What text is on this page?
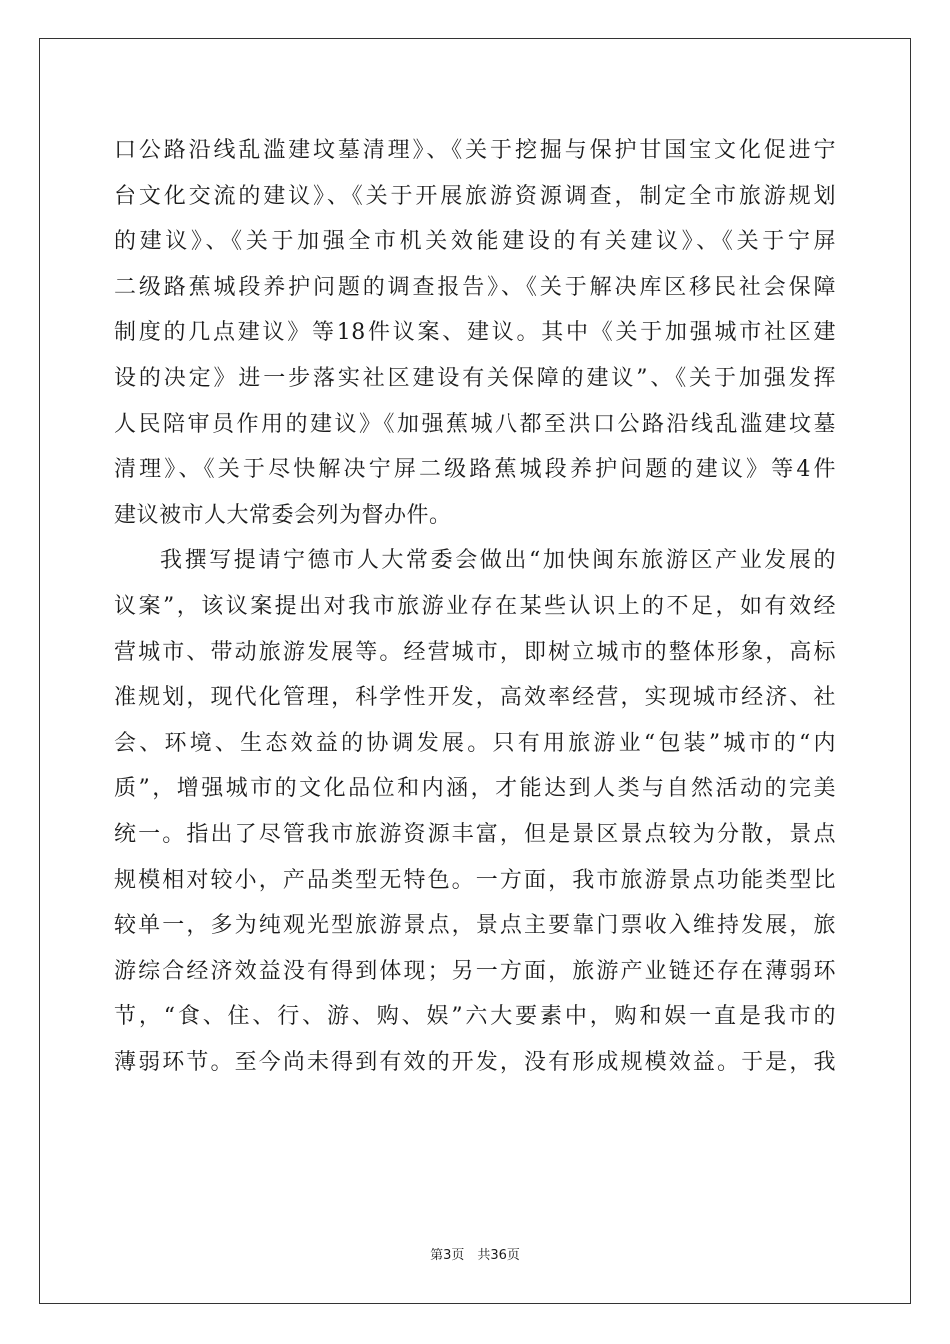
口公路沿线乱滥建坟墓清理》、《关于挖掘与保护甘国宝文化促进宁
台文化交流的建议》、《关于开展旅游资源调查，制定全市旅游规划
的建议》、《关于加强全市机关效能建设的有关建议》、《关于宁屏
二级路蕉城段养护问题的调查报告》、《关于解决库区移民社会保障
制度的几点建议》等18件议案、建议。其中《关于加强城市社区建
设的决定》进一步落实社区建设有关保障的建议”、《关于加强发挥
人民陪审员作用的建议》《加强蕉城八都至洪口公路沿线乱滥建坟墓
清理》、《关于尽快解决宁屏二级路蕉城段养护问题的建议》等4件
建议被市人大常委会列为督办件。
我撰写提请宁德市人大常委会做出“加快闽东旅游区产业发展的
议案”，该议案提出对我市旅游业存在某些认识上的不足，如有效经
营城市、带动旅游发展等。经营城市，即树立城市的整体形象，高标
准规划，现代化管理，科学性开发，高效率经营，实现城市经济、社
会、环境、生态效益的协调发展。只有用旅游业“包装”城市的“内
质”，增强城市的文化品位和内涵，才能达到人类与自然活动的完美
统一。指出了尽管我市旅游资源丰富，但是景区景点较为分散，景点
规模相对较小，产品类型无特色。一方面，我市旅游景点功能类型比
较单一，多为纯观光型旅游景点，景点主要靠门票收入维持发展，旅
游综合经济效益没有得到体现；另一方面，旅游产业链还存在薄弱环
节，“食、住、行、游、购、娱”六大要素中，购和娱一直是我市的
薄弱环节。至今尚未得到有效的开发，没有形成规模效益。于是，我
第3页　共36页
